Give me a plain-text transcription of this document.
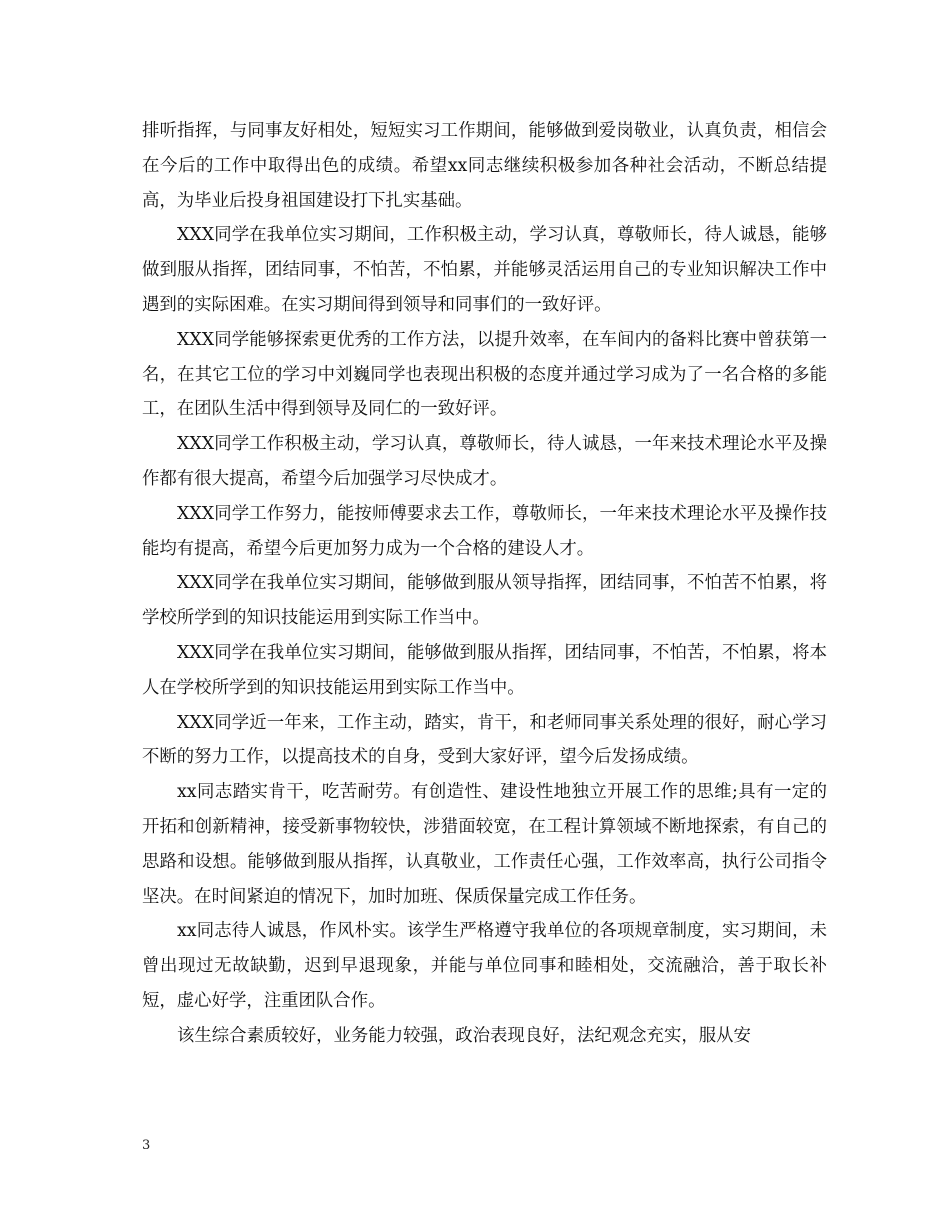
排听指挥，与同事友好相处，短短实习工作期间，能够做到爱岗敬业，认真负责，相信会在今后的工作中取得出色的成绩。希望xx同志继续积极参加各种社会活动，不断总结提高，为毕业后投身祖国建设打下扎实基础。

XXX同学在我单位实习期间，工作积极主动，学习认真，尊敬师长，待人诚恳，能够做到服从指挥，团结同事，不怕苦，不怕累，并能够灵活运用自己的专业知识解决工作中遇到的实际困难。在实习期间得到领导和同事们的一致好评。

XXX同学能够探索更优秀的工作方法，以提升效率，在车间内的备料比赛中曾获第一名，在其它工位的学习中刘巍同学也表现出积极的态度并通过学习成为了一名合格的多能工，在团队生活中得到领导及同仁的一致好评。

XXX同学工作积极主动，学习认真，尊敬师长，待人诚恳，一年来技术理论水平及操作都有很大提高，希望今后加强学习尽快成才。

XXX同学工作努力，能按师傅要求去工作，尊敬师长，一年来技术理论水平及操作技能均有提高，希望今后更加努力成为一个合格的建设人才。

XXX同学在我单位实习期间，能够做到服从领导指挥，团结同事，不怕苦不怕累，将学校所学到的知识技能运用到实际工作当中。

XXX同学在我单位实习期间，能够做到服从指挥，团结同事，不怕苦，不怕累，将本人在学校所学到的知识技能运用到实际工作当中。

XXX同学近一年来，工作主动，踏实，肯干，和老师同事关系处理的很好，耐心学习不断的努力工作，以提高技术的自身，受到大家好评，望今后发扬成绩。

xx同志踏实肯干，吃苦耐劳。有创造性、建设性地独立开展工作的思维;具有一定的开拓和创新精神，接受新事物较快，涉猎面较宽，在工程计算领域不断地探索，有自己的思路和设想。能够做到服从指挥，认真敬业，工作责任心强，工作效率高，执行公司指令坚决。在时间紧迫的情况下，加时加班、保质保量完成工作任务。

xx同志待人诚恳，作风朴实。该学生严格遵守我单位的各项规章制度，实习期间，未曾出现过无故缺勤，迟到早退现象，并能与单位同事和睦相处，交流融洽，善于取长补短，虚心好学，注重团队合作。

该生综合素质较好，业务能力较强，政治表现良好，法纪观念充实，服从安

3
